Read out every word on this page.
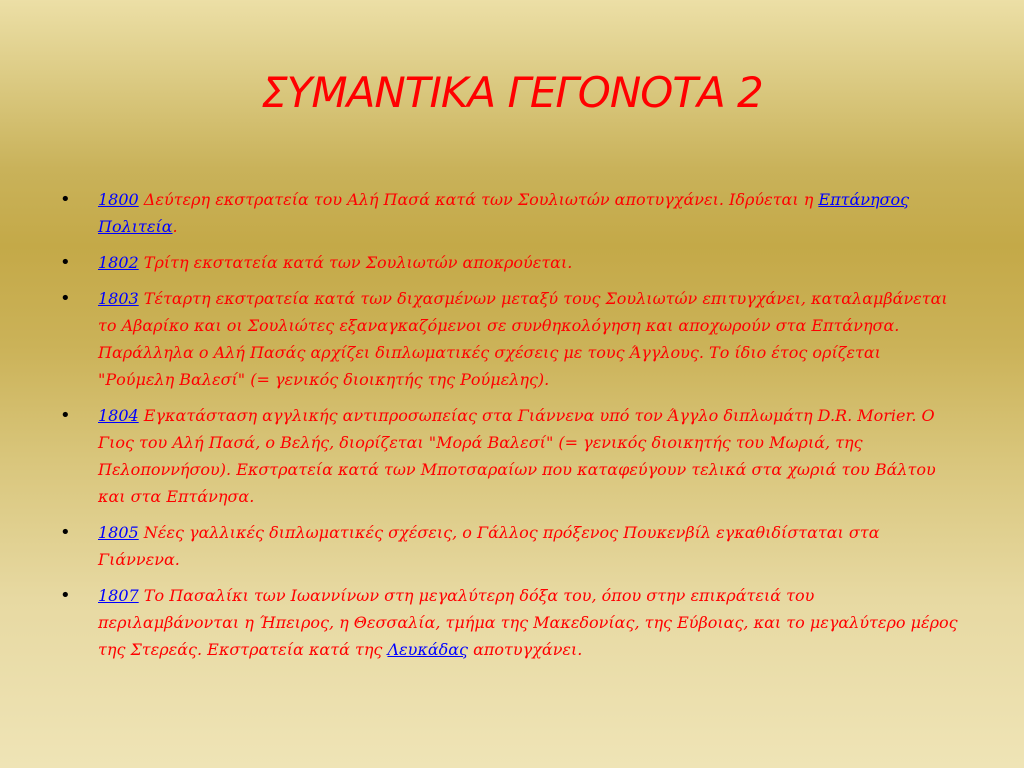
ΣΥΜΑΝΤΙΚΑ ΓΕΓΟΝΟΤΑ 2
• 1800 Δεύτερη εκστρατεία του Αλή Πασά κατά των Σουλιωτών αποτυγχάνει. Ιδρύεται η Επτάνησος Πολιτεία.
• 1802 Τρίτη εκστατεία κατά των Σουλιωτών αποκρούεται.
• 1803 Τέταρτη εκστρατεία κατά των διχασμένων μεταξύ τους Σουλιωτών επιτυγχάνει, καταλαμβάνεται το Αβαρίκο και οι Σουλιώτες εξαναγκαζόμενοι σε συνθηκολόγηση και αποχωρούν στα Επτάνησα. Παράλληλα ο Αλή Πασάς αρχίζει διπλωματικές σχέσεις με τους Άγγλους. Το ίδιο έτος ορίζεται "Ρούμελη Βαλεσί" (= γενικός διοικητής της Ρούμελης).
• 1804 Εγκατάσταση αγγλικής αντιπροσωπείας στα Γιάννενα υπό τον Άγγλο διπλωμάτη D.R. Morier. Ο Γιος του Αλή Πασά, ο Βελής, διορίζεται "Μορά Βαλεσί" (= γενικός διοικητής του Μωριά, της Πελοποννήσου). Εκστρατεία κατά των Μποτσαραίων που καταφεύγουν τελικά στα χωριά του Βάλτου και στα Επτάνησα.
• 1805 Νέες γαλλικές διπλωματικές σχέσεις, ο Γάλλος πρόξενος Πουκενβίλ εγκαθιδίσταται στα Γιάννενα.
• 1807 Το Πασαλίκι των Ιωαννίνων στη μεγαλύτερη δόξα του, όπου στην επικράτειά του περιλαμβάνονται η Ήπειρος, η Θεσσαλία, τμήμα της Μακεδονίας, της Εύβοιας, και το μεγαλύτερο μέρος της Στερεάς. Εκστρατεία κατά της Λευκάδας αποτυγχάνει.
